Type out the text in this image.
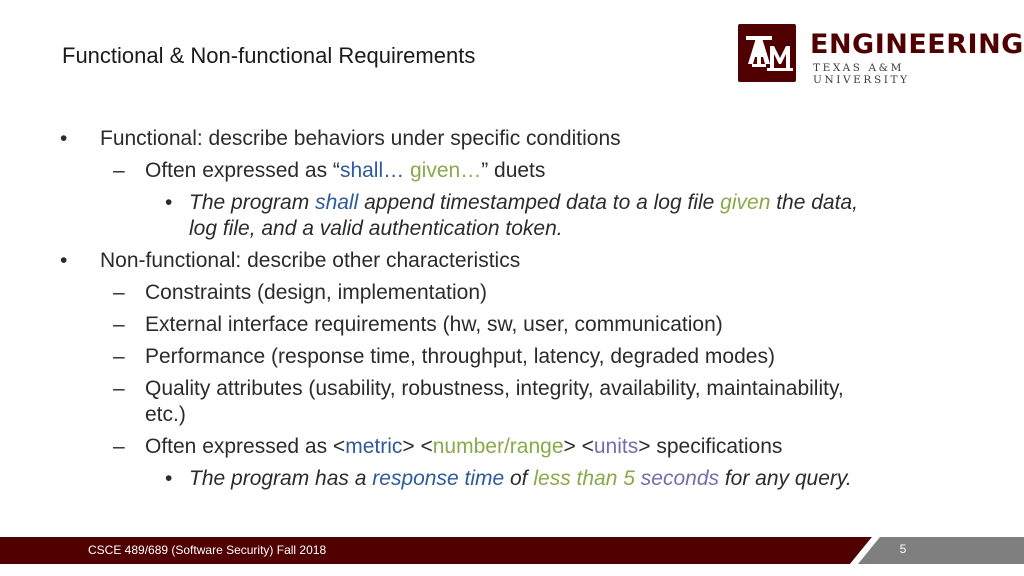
Functional & Non-functional Requirements	ENGINEERING
TEXAS A&M UNIVERSITY
• Functional: describe behaviors under specific conditions
– Often expressed as “shall… given…” duets
• The program shall append timestamped data to a log file given the data,
log file, and a valid authentication token.
• Non-functional: describe other characteristics
– Constraints (design, implementation)
– External interface requirements (hw, sw, user, communication)
– Performance (response time, throughput, latency, degraded modes)
– Quality attributes (usability, robustness, integrity, availability, maintainability,
etc.)
– Often expressed as <metric> <number/range> <units> specifications
• The program has a response time of less than 5 seconds for any query.
CSCE 489/689 (Software Security) Fall 2018	5
